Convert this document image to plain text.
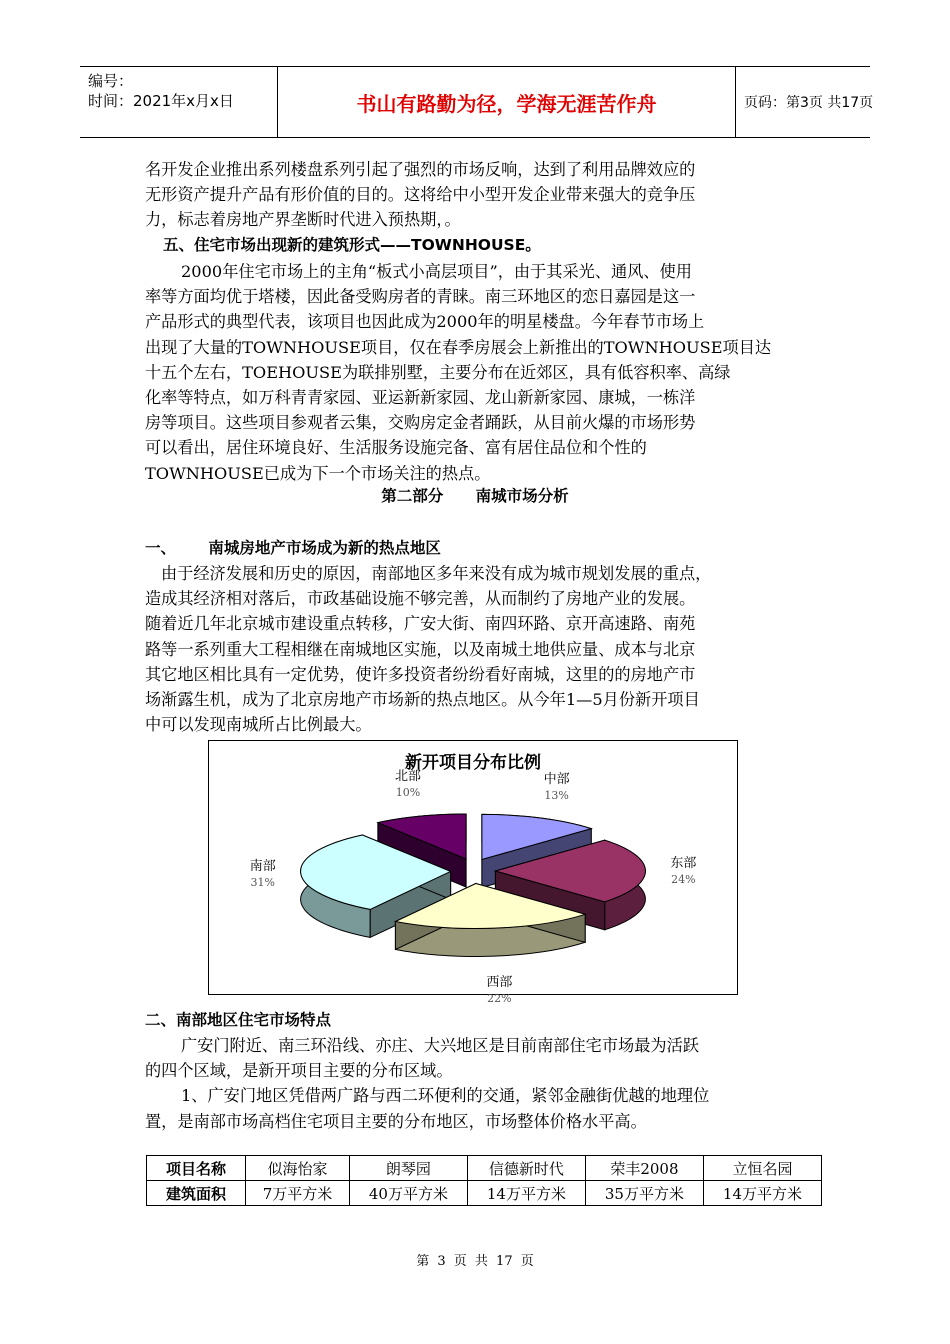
编号：
时间：2021年x月x日	书山有路勤为径，学海无涯苦作舟	页码：第3页 共17页
名开发企业推出系列楼盘系列引起了强烈的市场反响，达到了利用品牌效应的
无形资产提升产品有形价值的目的。这将给中小型开发企业带来强大的竞争压
力，标志着房地产界垄断时代进入预热期，。
五、住宅市场出现新的建筑形式——TOWNHOUSE。
2000年住宅市场上的主角“板式小高层项目”，由于其采光、通风、使用
率等方面均优于塔楼，因此备受购房者的青睐。南三环地区的恋日嘉园是这一
产品形式的典型代表，该项目也因此成为2000年的明星楼盘。今年春节市场上
出现了大量的TOWNHOUSE项目，仅在春季房展会上新推出的TOWNHOUSE项目达
十五个左右，TOEHOUSE为联排别墅，主要分布在近郊区，具有低容积率、高绿
化率等特点，如万科青青家园、亚运新新家园、龙山新新家园、康城，一栋洋
房等项目。这些项目参观者云集，交购房定金者踊跃，从目前火爆的市场形势
可以看出，居住环境良好、生活服务设施完备、富有居住品位和个性的
TOWNHOUSE已成为下一个市场关注的热点。
第二部分      南城市场分析
一、      南城房地产市场成为新的热点地区
由于经济发展和历史的原因，南部地区多年来没有成为城市规划发展的重点，
造成其经济相对落后，市政基础设施不够完善，从而制约了房地产业的发展。
随着近几年北京城市建设重点转移，广安大街、南四环路、京开高速路、南苑
路等一系列重大工程相继在南城地区实施，以及南城土地供应量、成本与北京
其它地区相比具有一定优势，使许多投资者纷纷看好南城，这里的的房地产市
场渐露生机，成为了北京房地产市场新的热点地区。从今年1—5月份新开项目
中可以发现南城所占比例最大。
新开项目分布比例
中部
13%
东部
24%
西部
22%
南部
31%
北部
10%
二、南部地区住宅市场特点
广安门附近、南三环沿线、亦庄、大兴地区是目前南部住宅市场最为活跃
的四个区域，是新开项目主要的分布区域。
1、广安门地区凭借两广路与西二环便利的交通，紧邻金融街优越的地理位
置，是南部市场高档住宅项目主要的分布地区，市场整体价格水平高。
项目名称	似海怡家	朗琴园	信德新时代	荣丰2008	立恒名园
建筑面积	7万平方米	40万平方米	14万平方米	35万平方米	14万平方米
第 3 页 共 17 页
